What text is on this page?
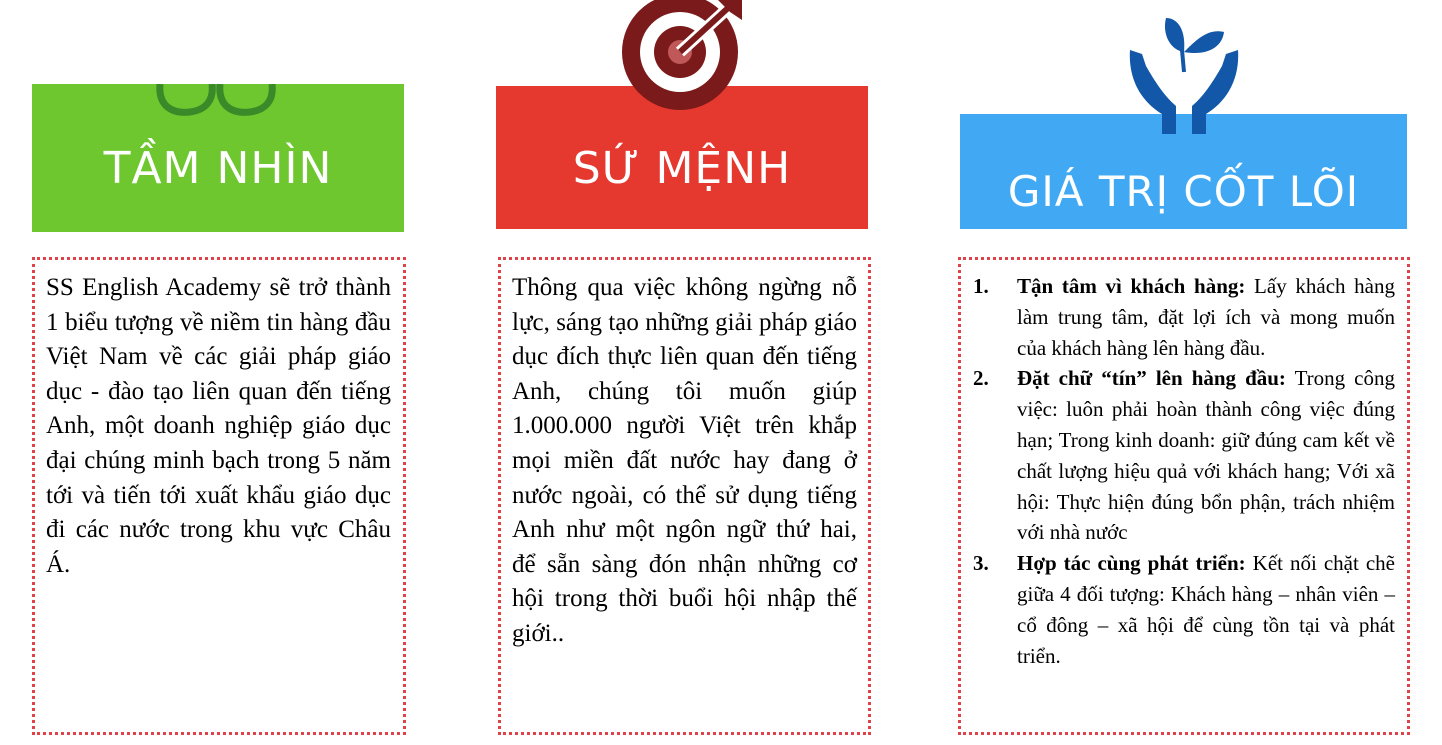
TẦM NHÌN	SỨ MỆNH	GIÁ TRỊ CỐT LÕI

SS English Academy sẽ trở thành 1 biểu tượng về niềm tin hàng đầu Việt Nam về các giải pháp giáo dục - đào tạo liên quan đến tiếng Anh, một doanh nghiệp giáo dục đại chúng minh bạch trong 5 năm tới và tiến tới xuất khẩu giáo dục đi các nước trong khu vực Châu Á.

Thông qua việc không ngừng nỗ lực, sáng tạo những giải pháp giáo dục đích thực liên quan đến tiếng Anh, chúng tôi muốn giúp 1.000.000 người Việt trên khắp mọi miền đất nước hay đang ở nước ngoài, có thể sử dụng tiếng Anh như một ngôn ngữ thứ hai, để sẵn sàng đón nhận những cơ hội trong thời buổi hội nhập thế giới..

1.	Tận tâm vì khách hàng: Lấy khách hàng làm trung tâm, đặt lợi ích và mong muốn của khách hàng lên hàng đầu.
2.	Đặt chữ “tín” lên hàng đầu: Trong công việc: luôn phải hoàn thành công việc đúng hạn; Trong kinh doanh: giữ đúng cam kết về chất lượng hiệu quả với khách hang; Với xã hội: Thực hiện đúng bổn phận, trách nhiệm với nhà nước
3.	Hợp tác cùng phát triển: Kết nối chặt chẽ giữa 4 đối tượng: Khách hàng – nhân viên – cổ đông – xã hội để cùng tồn tại và phát triển.
